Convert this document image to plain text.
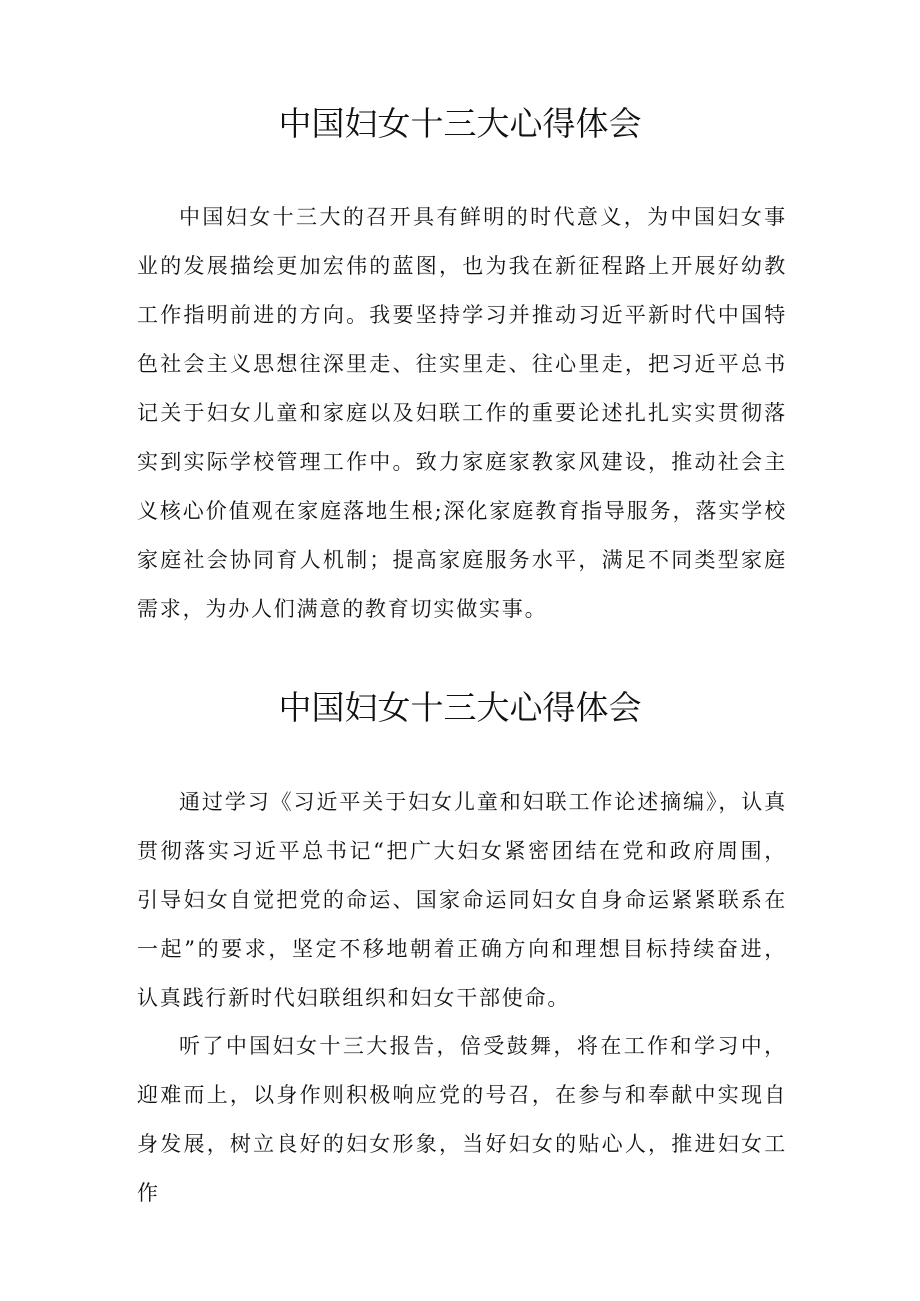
中国妇女十三大心得体会

中国妇女十三大的召开具有鲜明的时代意义，为中国妇女事业的发展描绘更加宏伟的蓝图，也为我在新征程路上开展好幼教工作指明前进的方向。我要坚持学习并推动习近平新时代中国特色社会主义思想往深里走、往实里走、往心里走，把习近平总书记关于妇女儿童和家庭以及妇联工作的重要论述扎扎实实贯彻落实到实际学校管理工作中。致力家庭家教家风建设，推动社会主义核心价值观在家庭落地生根;深化家庭教育指导服务，落实学校家庭社会协同育人机制；提高家庭服务水平，满足不同类型家庭需求，为办人们满意的教育切实做实事。

中国妇女十三大心得体会

通过学习《习近平关于妇女儿童和妇联工作论述摘编》，认真贯彻落实习近平总书记“把广大妇女紧密团结在党和政府周围，引导妇女自觉把党的命运、国家命运同妇女自身命运紧紧联系在一起”的要求，坚定不移地朝着正确方向和理想目标持续奋进，认真践行新时代妇联组织和妇女干部使命。

听了中国妇女十三大报告，倍受鼓舞，将在工作和学习中，迎难而上，以身作则积极响应党的号召，在参与和奉献中实现自身发展，树立良好的妇女形象，当好妇女的贴心人，推进妇女工作
